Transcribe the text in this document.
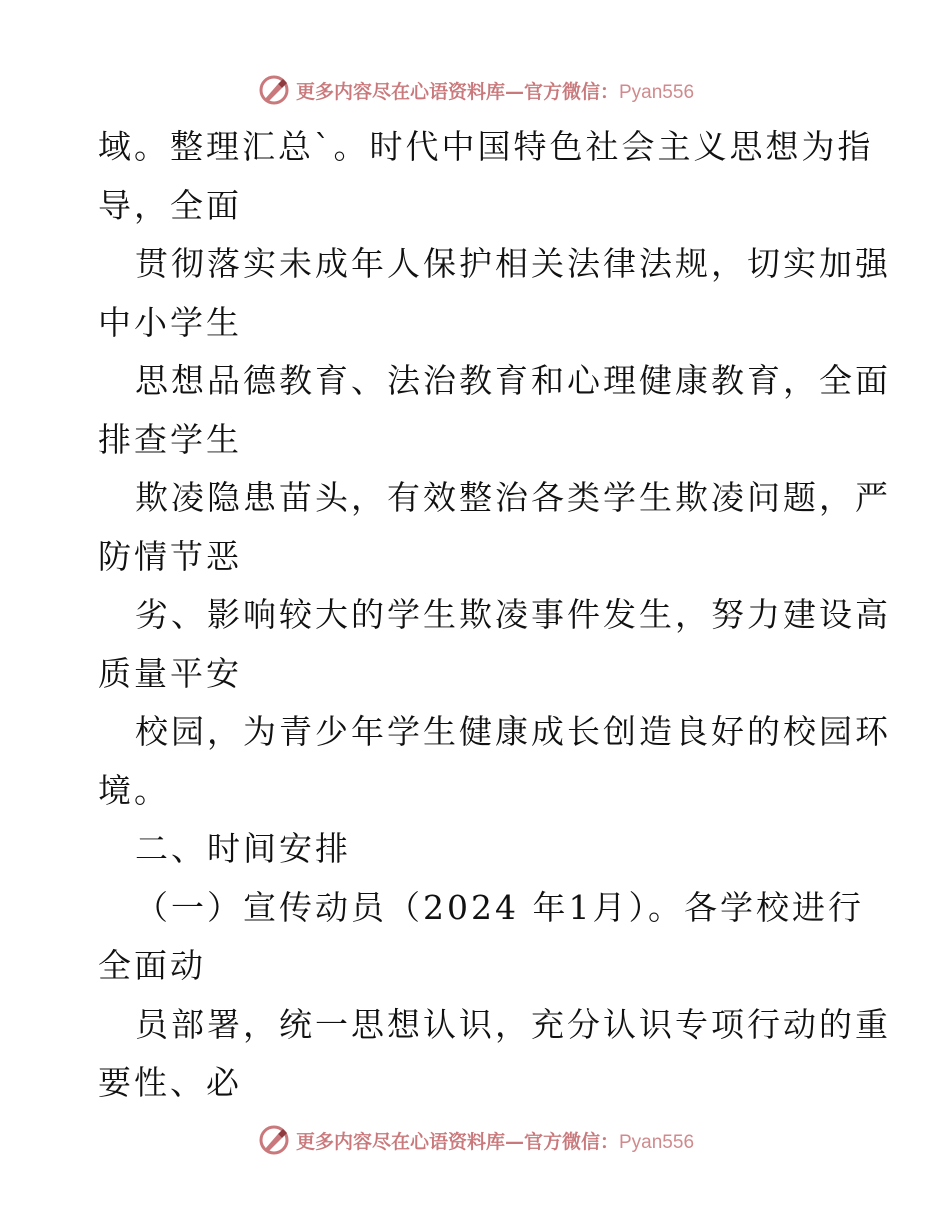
更多内容尽在心语资料库—官方微信：Pyan556
域。整理汇总ˋ。时代中国特色社会主义思想为指
导，全面
贯彻落实未成年人保护相关法律法规，切实加强
中小学生
思想品德教育、法治教育和心理健康教育，全面
排查学生
欺凌隐患苗头，有效整治各类学生欺凌问题，严
防情节恶
劣、影响较大的学生欺凌事件发生，努力建设高
质量平安
校园，为青少年学生健康成长创造良好的校园环
境。
二、时间安排
（一）宣传动员（2024 年1月）。各学校进行
全面动
员部署，统一思想认识，充分认识专项行动的重
要性、必
更多内容尽在心语资料库—官方微信：Pyan556
